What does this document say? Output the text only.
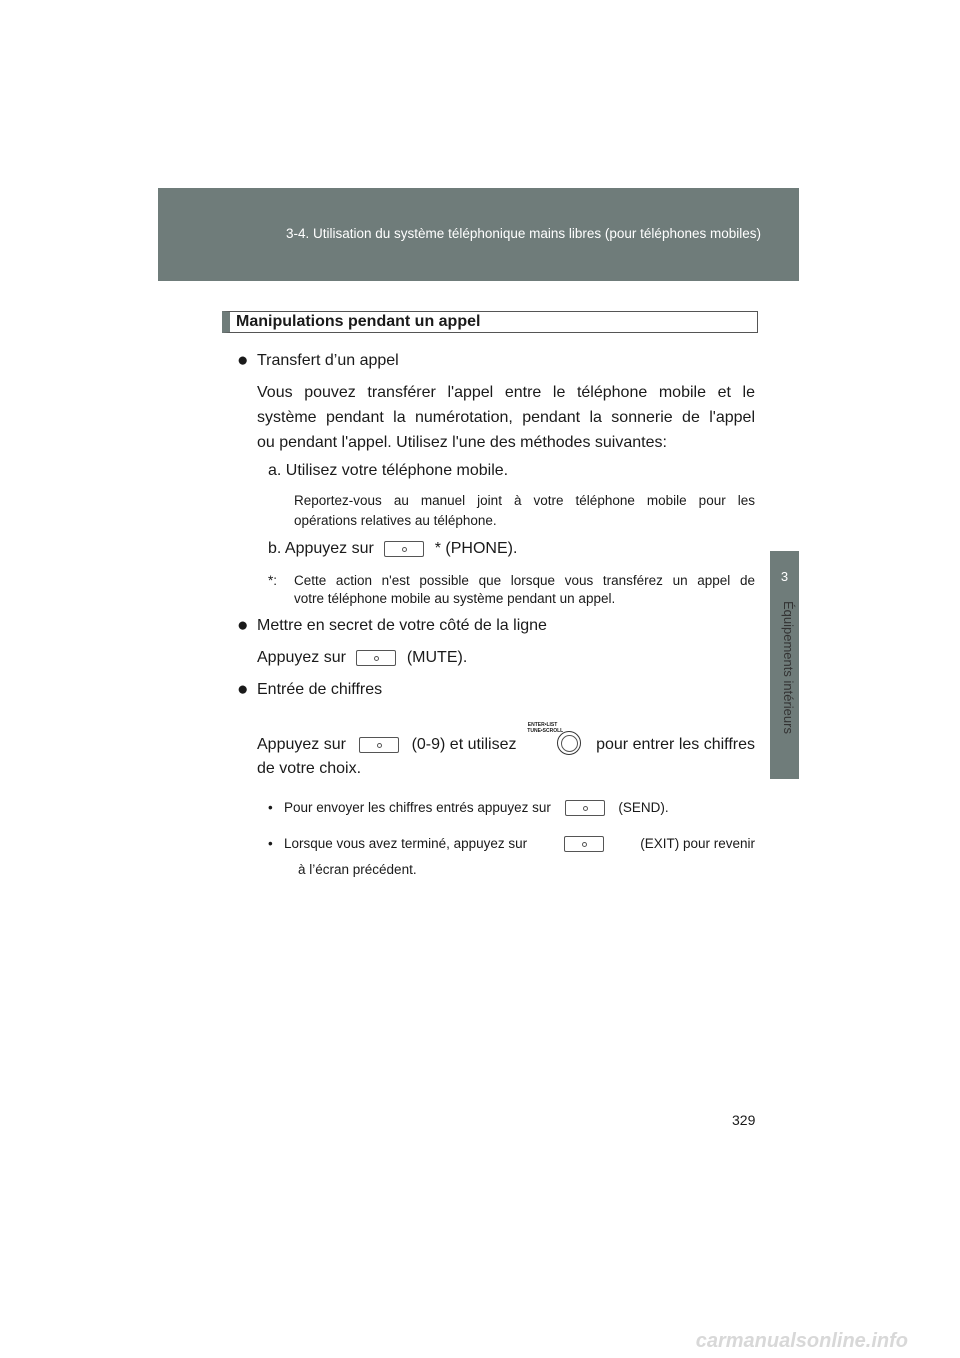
3-4. Utilisation du système téléphonique mains libres (pour téléphones mobiles)
3
Équipements intérieurs
Manipulations pendant un appel
● Transfert d’un appel
Vous pouvez transférer l'appel entre le téléphone mobile et le
système pendant la numérotation, pendant la sonnerie de l'appel
ou pendant l'appel. Utilisez l'une des méthodes suivantes:
a. Utilisez votre téléphone mobile.
Reportez-vous au manuel joint à votre téléphone mobile pour les
opérations relatives au téléphone.
b. Appuyez sur	* (PHONE).
*: Cette action n'est possible que lorsque vous transférez un appel de
votre téléphone mobile au système pendant un appel.
● Mettre en secret de votre côté de la ligne
Appuyez sur	(MUTE).
● Entrée de chiffres
Appuyez sur	(0-9) et utilisez
ENTER•LIST
TUNE•SCROLL
pour entrer les chiffres
de votre choix.
• Pour envoyer les chiffres entrés appuyez sur	(SEND).
• Lorsque vous avez terminé, appuyez sur	(EXIT) pour revenir
à l’écran précédent.
329
carmanualsonline.info
